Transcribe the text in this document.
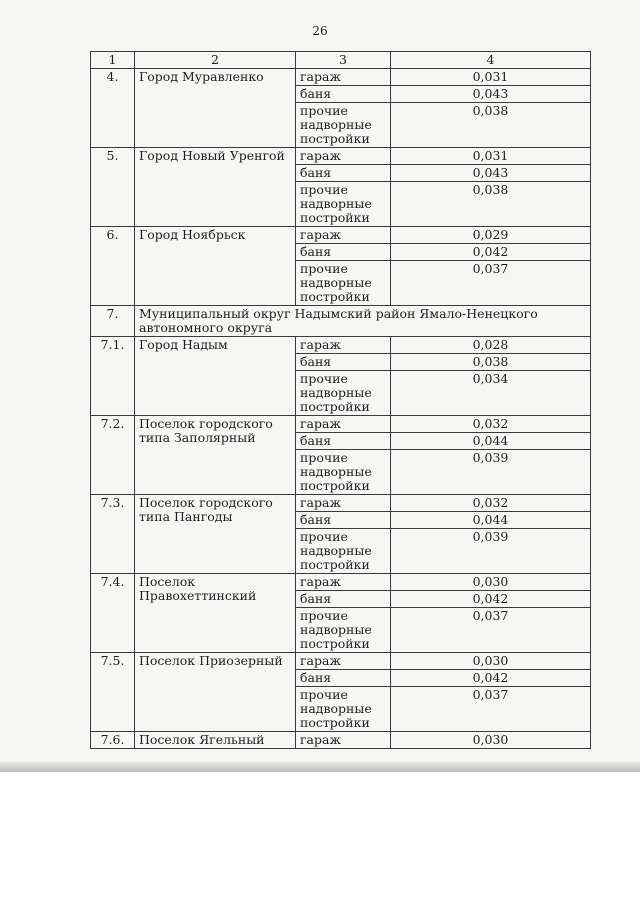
26
1	2	3	4
4.	Город Муравленко	гараж	0,031
		баня	0,043
		прочие надворные постройки	0,038
5.	Город Новый Уренгой	гараж	0,031
		баня	0,043
		прочие надворные постройки	0,038
6.	Город Ноябрьск	гараж	0,029
		баня	0,042
		прочие надворные постройки	0,037
7.	Муниципальный округ Надымский район Ямало-Ненецкого автономного округа		
7.1.	Город Надым	гараж	0,028
		баня	0,038
		прочие надворные постройки	0,034
7.2.	Поселок городского типа Заполярный	гараж	0,032
		баня	0,044
		прочие надворные постройки	0,039
7.3.	Поселок городского типа Пангоды	гараж	0,032
		баня	0,044
		прочие надворные постройки	0,039
7.4.	Поселок Правохеттинский	гараж	0,030
		баня	0,042
		прочие надворные постройки	0,037
7.5.	Поселок Приозерный	гараж	0,030
		баня	0,042
		прочие надворные постройки	0,037
7.6.	Поселок Ягельный	гараж	0,030
